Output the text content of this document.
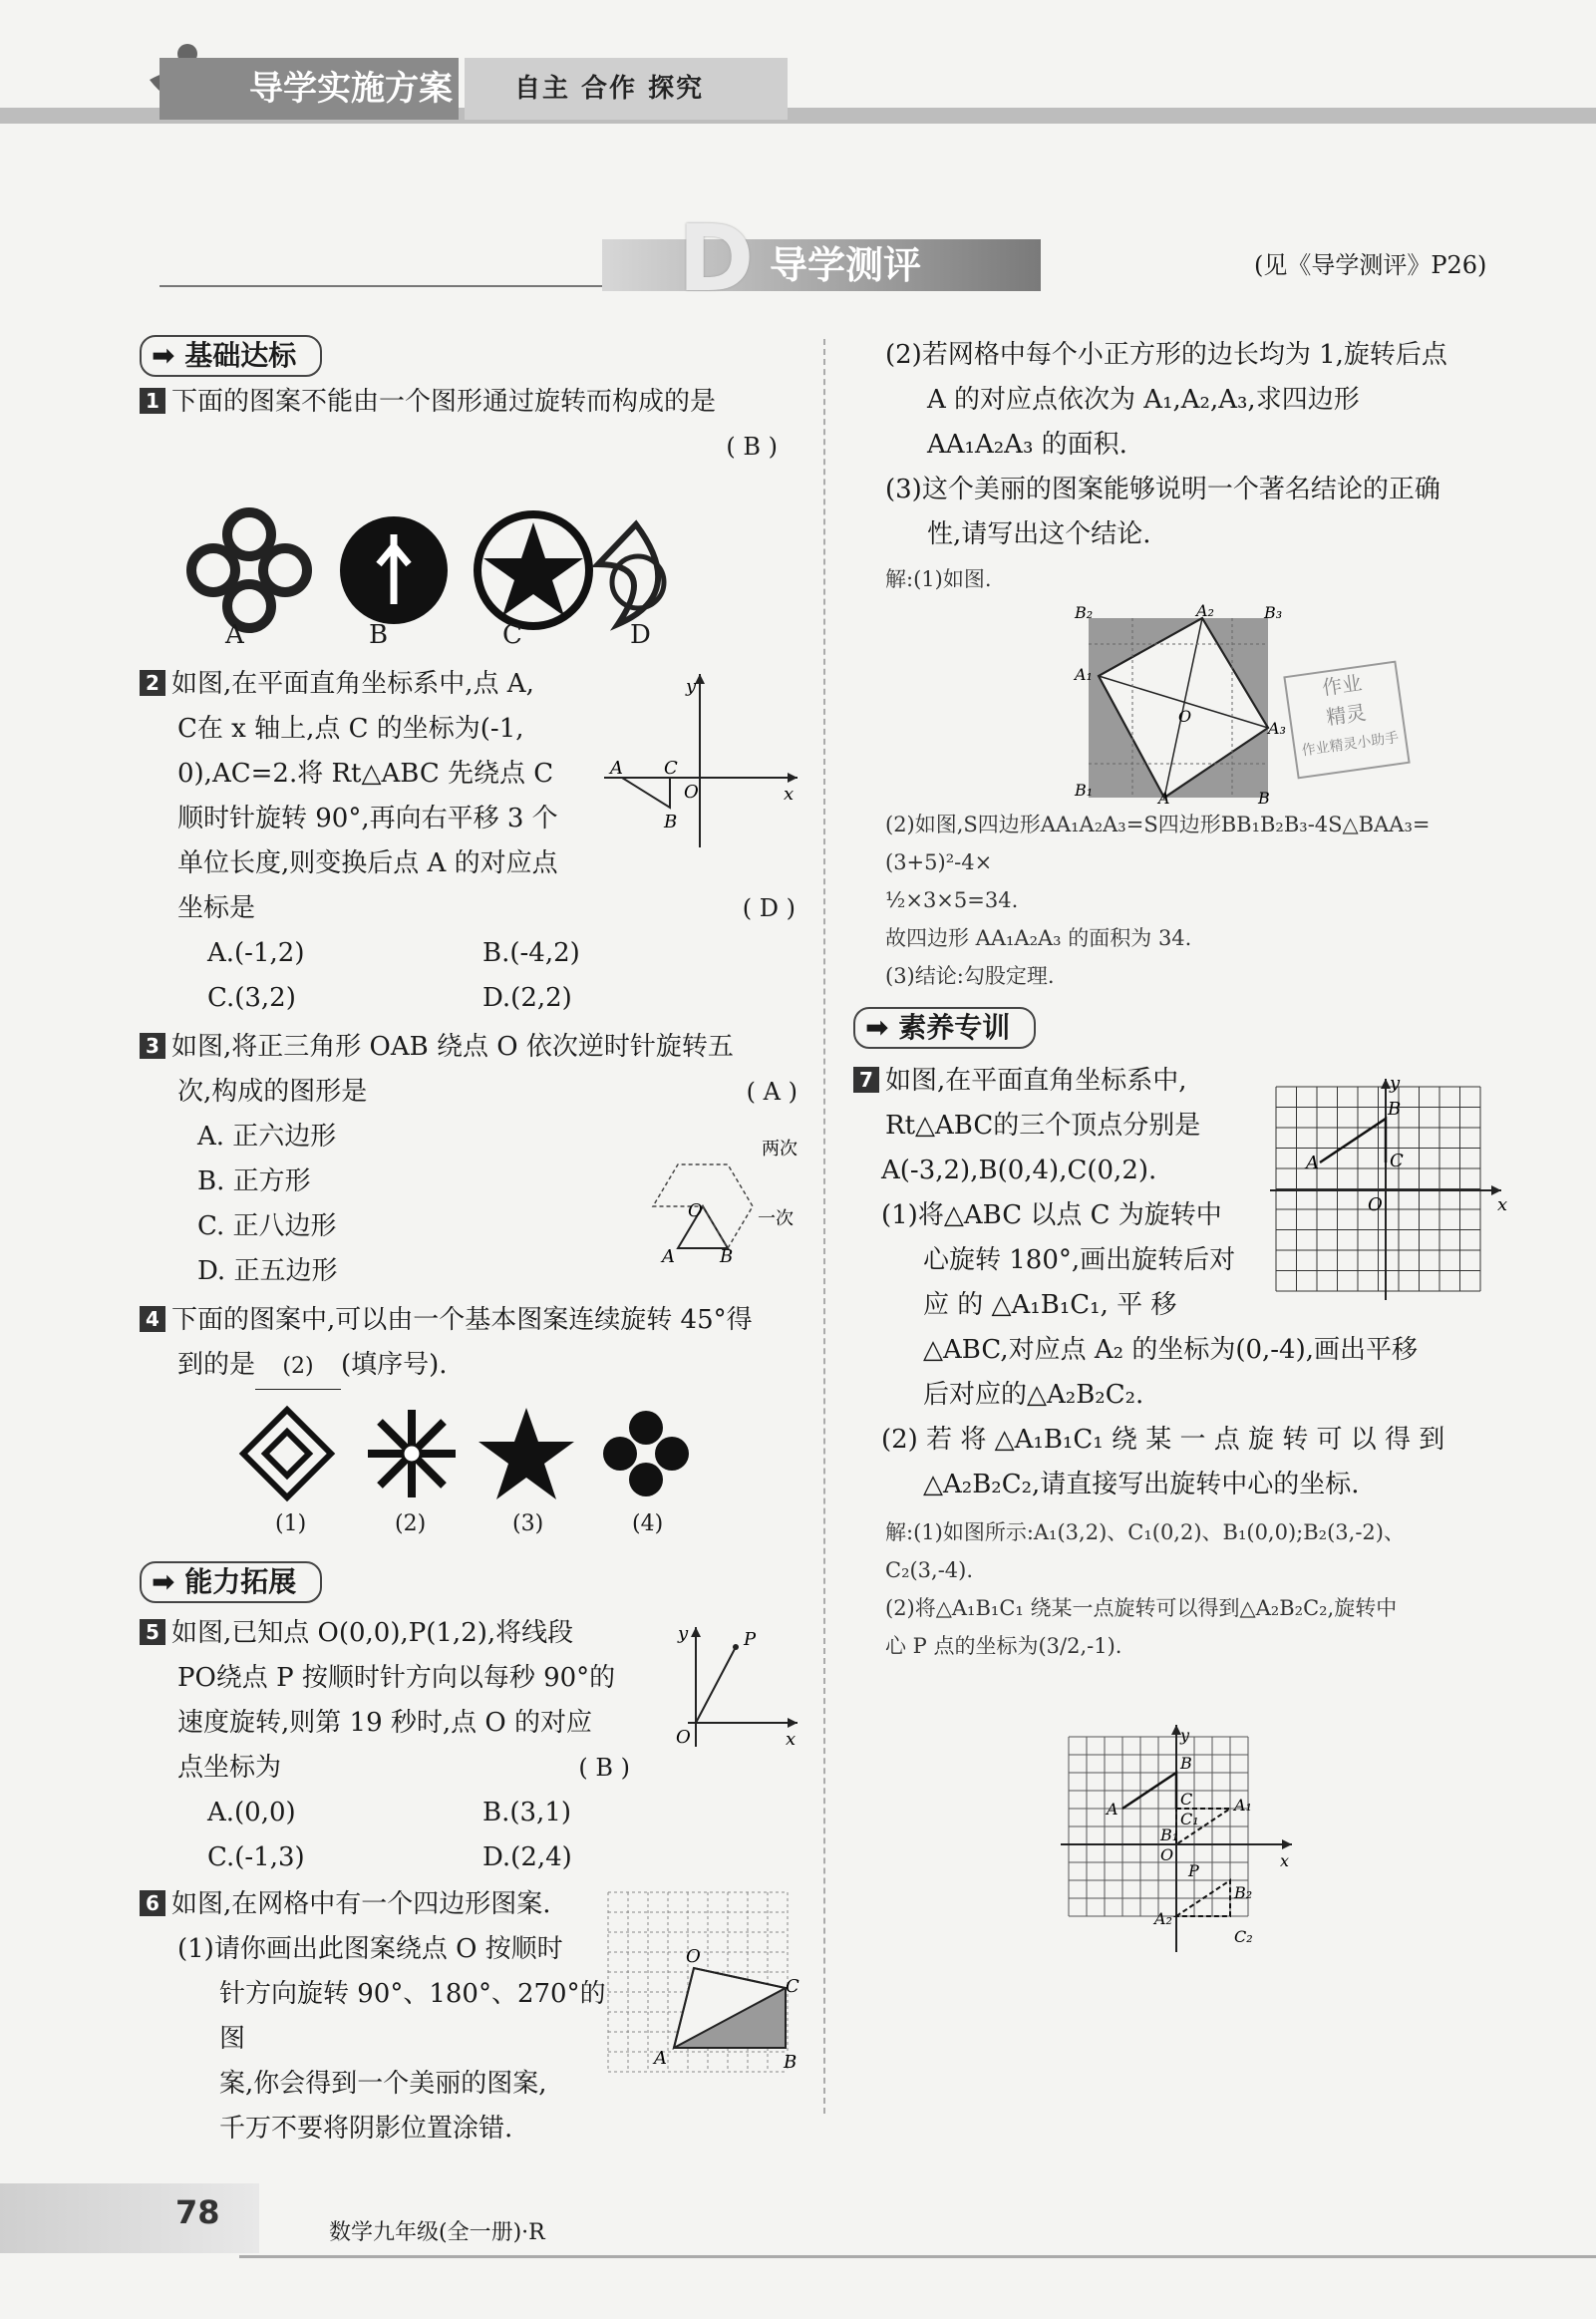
导学实施方案	自主 合作 探究
D 导学测评	(见《导学测评》P26)
➡ 基础达标
1 下面的图案不能由一个图形通过旋转而构成的是
( B )
A	B	C	D
2 如图,在平面直角坐标系中,点 A,
C在 x 轴上,点 C 的坐标为(-1,
0),AC=2.将 Rt△ABC 先绕点 C
顺时针旋转 90°,再向右平移 3 个
单位长度,则变换后点 A 的对应点
坐标是	( D )
A.(-1,2)	B.(-4,2)
C.(3,2)	D.(2,2)
y
x
A C
O
B
3 如图,将正三角形 OAB 绕点 O 依次逆时针旋转五
次,构成的图形是	( A )
A. 正六边形
B. 正方形
C. 正八边形
D. 正五边形
两次
一次
O
A	B
4 下面的图案中,可以由一个基本图案连续旋转 45°得
到的是 (2) (填序号).
(1)	(2)	(3)	(4)
➡ 能力拓展
5 如图,已知点 O(0,0),P(1,2),将线段
PO绕点 P 按顺时针方向以每秒 90°的
速度旋转,则第 19 秒时,点 O 的对应
点坐标为	( B )
A.(0,0)	B.(3,1)
C.(-1,3)	D.(2,4)
y
x
O
P
6 如图,在网格中有一个四边形图案.
(1)请你画出此图案绕点 O 按顺时
针方向旋转 90°、180°、270°的图
案,你会得到一个美丽的图案,
千万不要将阴影位置涂错.
O
C
A	B
(2)若网格中每个小正方形的边长均为 1,旋转后点
A 的对应点依次为 A₁,A₂,A₃,求四边形
AA₁A₂A₃ 的面积.
(3)这个美丽的图案能够说明一个著名结论的正确
性,请写出这个结论.
解:(1)如图.
B₂	A₂	B₃
A₁
O
A₃
B₁	A	B
作业
精灵
作业精灵小助手
(2)如图,S四边形AA₁A₂A₃=S四边形BB₁B₂B₃-4S△BAA₃=(3+5)²-4×
½×3×5=34.
故四边形 AA₁A₂A₃ 的面积为 34.
(3)结论:勾股定理.
➡ 素养专训
7 如图,在平面直角坐标系中,
Rt△ABC的三个顶点分别是
A(-3,2),B(0,4),C(0,2).
(1)将△ABC 以点 C 为旋转中
心旋转 180°,画出旋转后对
应 的 △A₁B₁C₁, 平 移
△ABC,对应点 A₂ 的坐标为(0,-4),画出平移
后对应的△A₂B₂C₂.
(2) 若 将 △A₁B₁C₁ 绕 某 一 点 旋 转 可 以 得 到
△A₂B₂C₂,请直接写出旋转中心的坐标.
y
x
B
A	C
O
解:(1)如图所示:A₁(3,2)、C₁(0,2)、B₁(0,0);B₂(3,-2)、
C₂(3,-4).
(2)将△A₁B₁C₁ 绕某一点旋转可以得到△A₂B₂C₂,旋转中
心 P 点的坐标为(3/2,-1).
y
x
B
A
C
C₁
A₁
B₁
O
P
B₂
A₂
C₂
78
数学九年级(全一册)·R
